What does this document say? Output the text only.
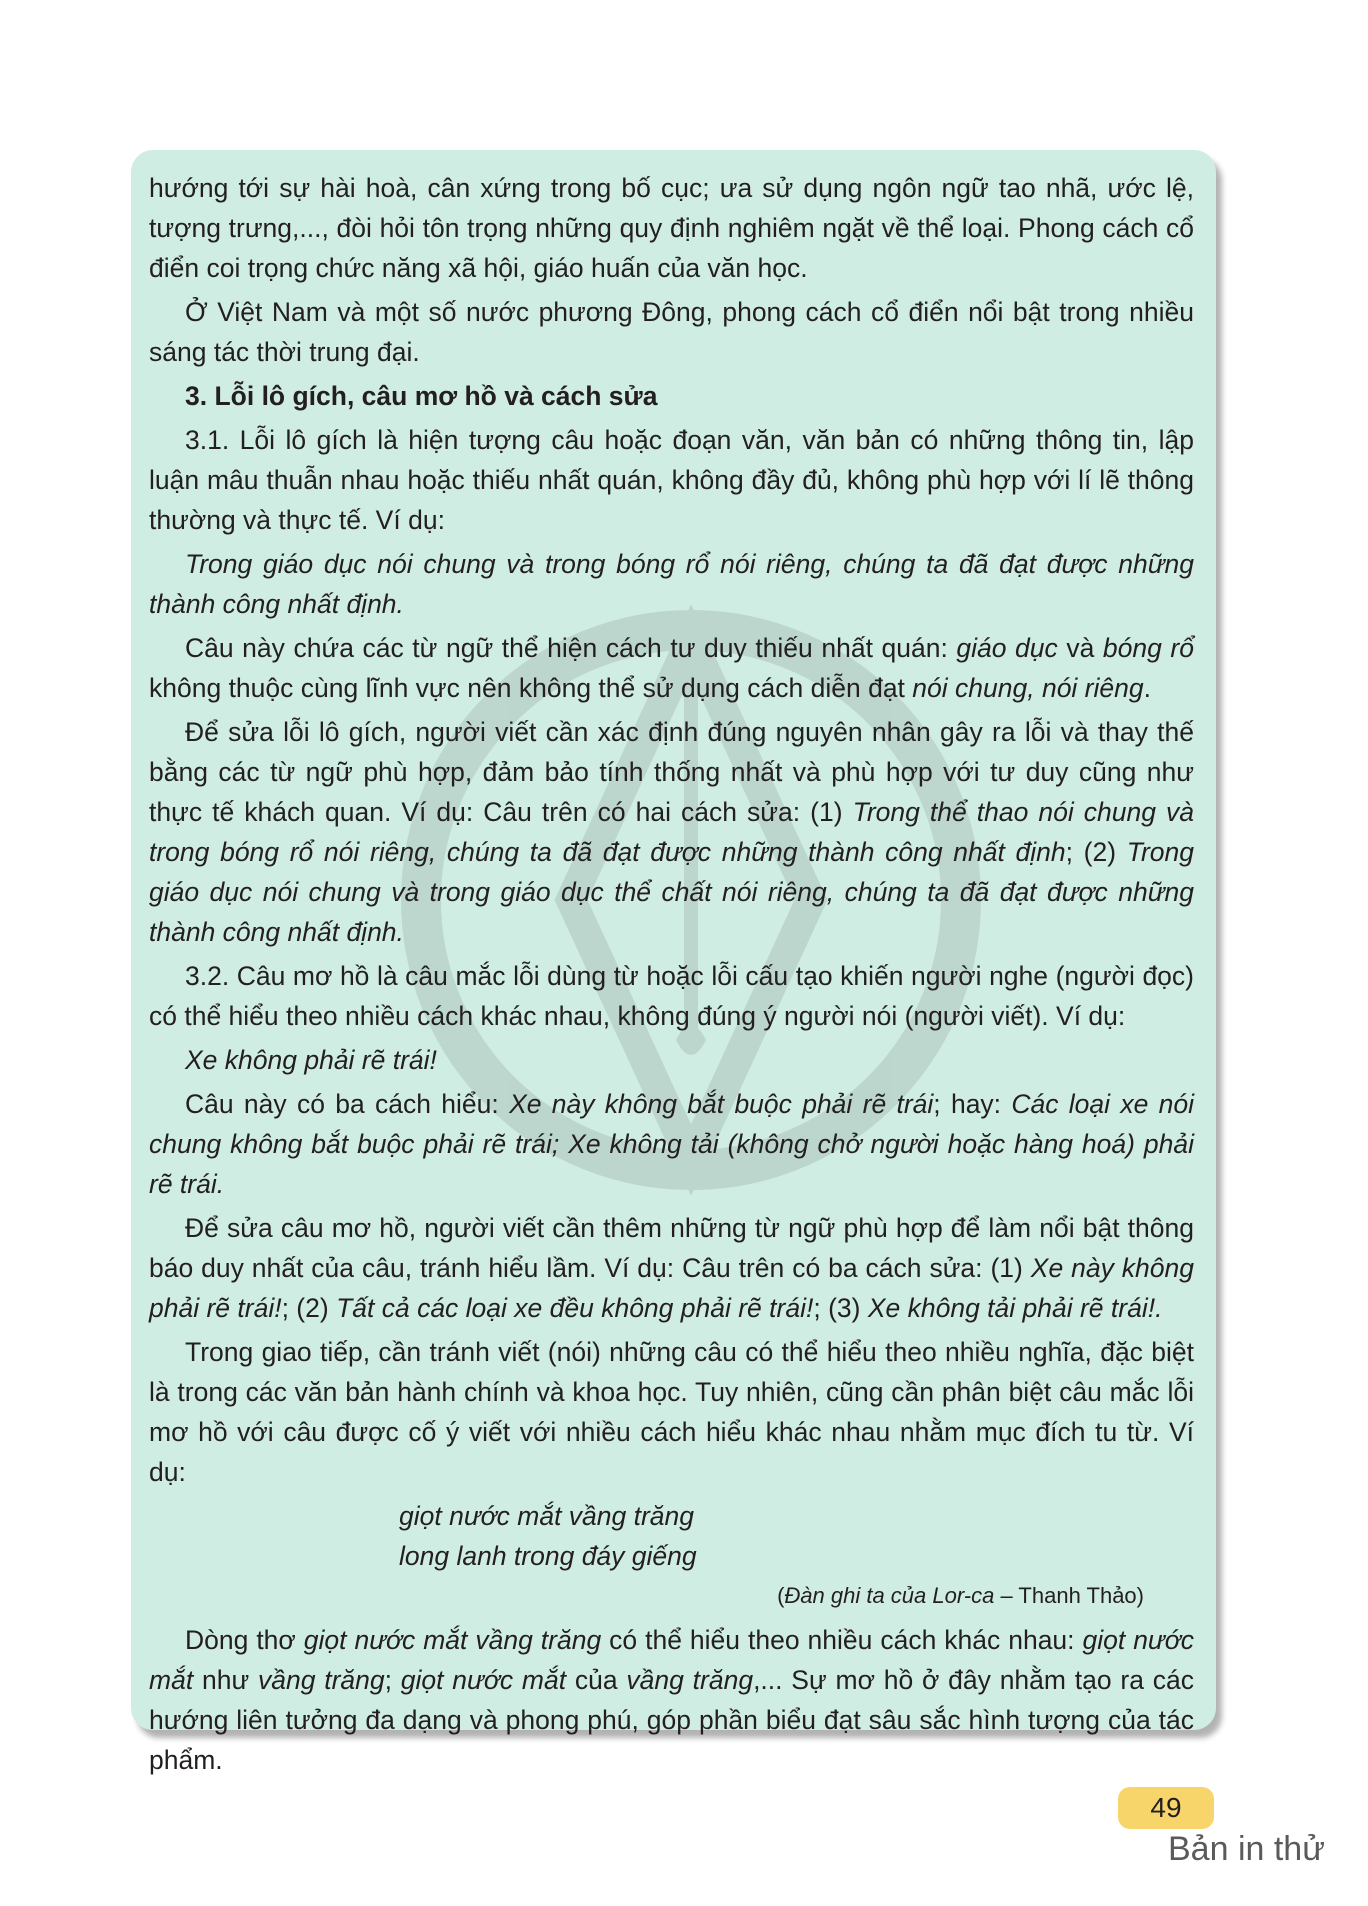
hướng tới sự hài hoà, cân xứng trong bố cục; ưa sử dụng ngôn ngữ tao nhã, ước lệ, tượng trưng,..., đòi hỏi tôn trọng những quy định nghiêm ngặt về thể loại. Phong cách cổ điển coi trọng chức năng xã hội, giáo huấn của văn học.

Ở Việt Nam và một số nước phương Đông, phong cách cổ điển nổi bật trong nhiều sáng tác thời trung đại.

3. Lỗi lô gích, câu mơ hồ và cách sửa

3.1. Lỗi lô gích là hiện tượng câu hoặc đoạn văn, văn bản có những thông tin, lập luận mâu thuẫn nhau hoặc thiếu nhất quán, không đầy đủ, không phù hợp với lí lẽ thông thường và thực tế. Ví dụ:

Trong giáo dục nói chung và trong bóng rổ nói riêng, chúng ta đã đạt được những thành công nhất định.

Câu này chứa các từ ngữ thể hiện cách tư duy thiếu nhất quán: giáo dục và bóng rổ không thuộc cùng lĩnh vực nên không thể sử dụng cách diễn đạt nói chung, nói riêng.

Để sửa lỗi lô gích, người viết cần xác định đúng nguyên nhân gây ra lỗi và thay thế bằng các từ ngữ phù hợp, đảm bảo tính thống nhất và phù hợp với tư duy cũng như thực tế khách quan. Ví dụ: Câu trên có hai cách sửa: (1) Trong thể thao nói chung và trong bóng rổ nói riêng, chúng ta đã đạt được những thành công nhất định; (2) Trong giáo dục nói chung và trong giáo dục thể chất nói riêng, chúng ta đã đạt được những thành công nhất định.

3.2. Câu mơ hồ là câu mắc lỗi dùng từ hoặc lỗi cấu tạo khiến người nghe (người đọc) có thể hiểu theo nhiều cách khác nhau, không đúng ý người nói (người viết). Ví dụ:

Xe không phải rẽ trái!

Câu này có ba cách hiểu: Xe này không bắt buộc phải rẽ trái; hay: Các loại xe nói chung không bắt buộc phải rẽ trái; Xe không tải (không chở người hoặc hàng hoá) phải rẽ trái.

Để sửa câu mơ hồ, người viết cần thêm những từ ngữ phù hợp để làm nổi bật thông báo duy nhất của câu, tránh hiểu lầm. Ví dụ: Câu trên có ba cách sửa: (1) Xe này không phải rẽ trái!; (2) Tất cả các loại xe đều không phải rẽ trái!; (3) Xe không tải phải rẽ trái!.

Trong giao tiếp, cần tránh viết (nói) những câu có thể hiểu theo nhiều nghĩa, đặc biệt là trong các văn bản hành chính và khoa học. Tuy nhiên, cũng cần phân biệt câu mắc lỗi mơ hồ với câu được cố ý viết với nhiều cách hiểu khác nhau nhằm mục đích tu từ. Ví dụ:

giọt nước mắt vầng trăng

long lanh trong đáy giếng

(Đàn ghi ta của Lor-ca – Thanh Thảo)

Dòng thơ giọt nước mắt vầng trăng có thể hiểu theo nhiều cách khác nhau: giọt nước mắt như vầng trăng; giọt nước mắt của vầng trăng,... Sự mơ hồ ở đây nhằm tạo ra các hướng liên tưởng đa dạng và phong phú, góp phần biểu đạt sâu sắc hình tượng của tác phẩm.

49
Bản in thử
